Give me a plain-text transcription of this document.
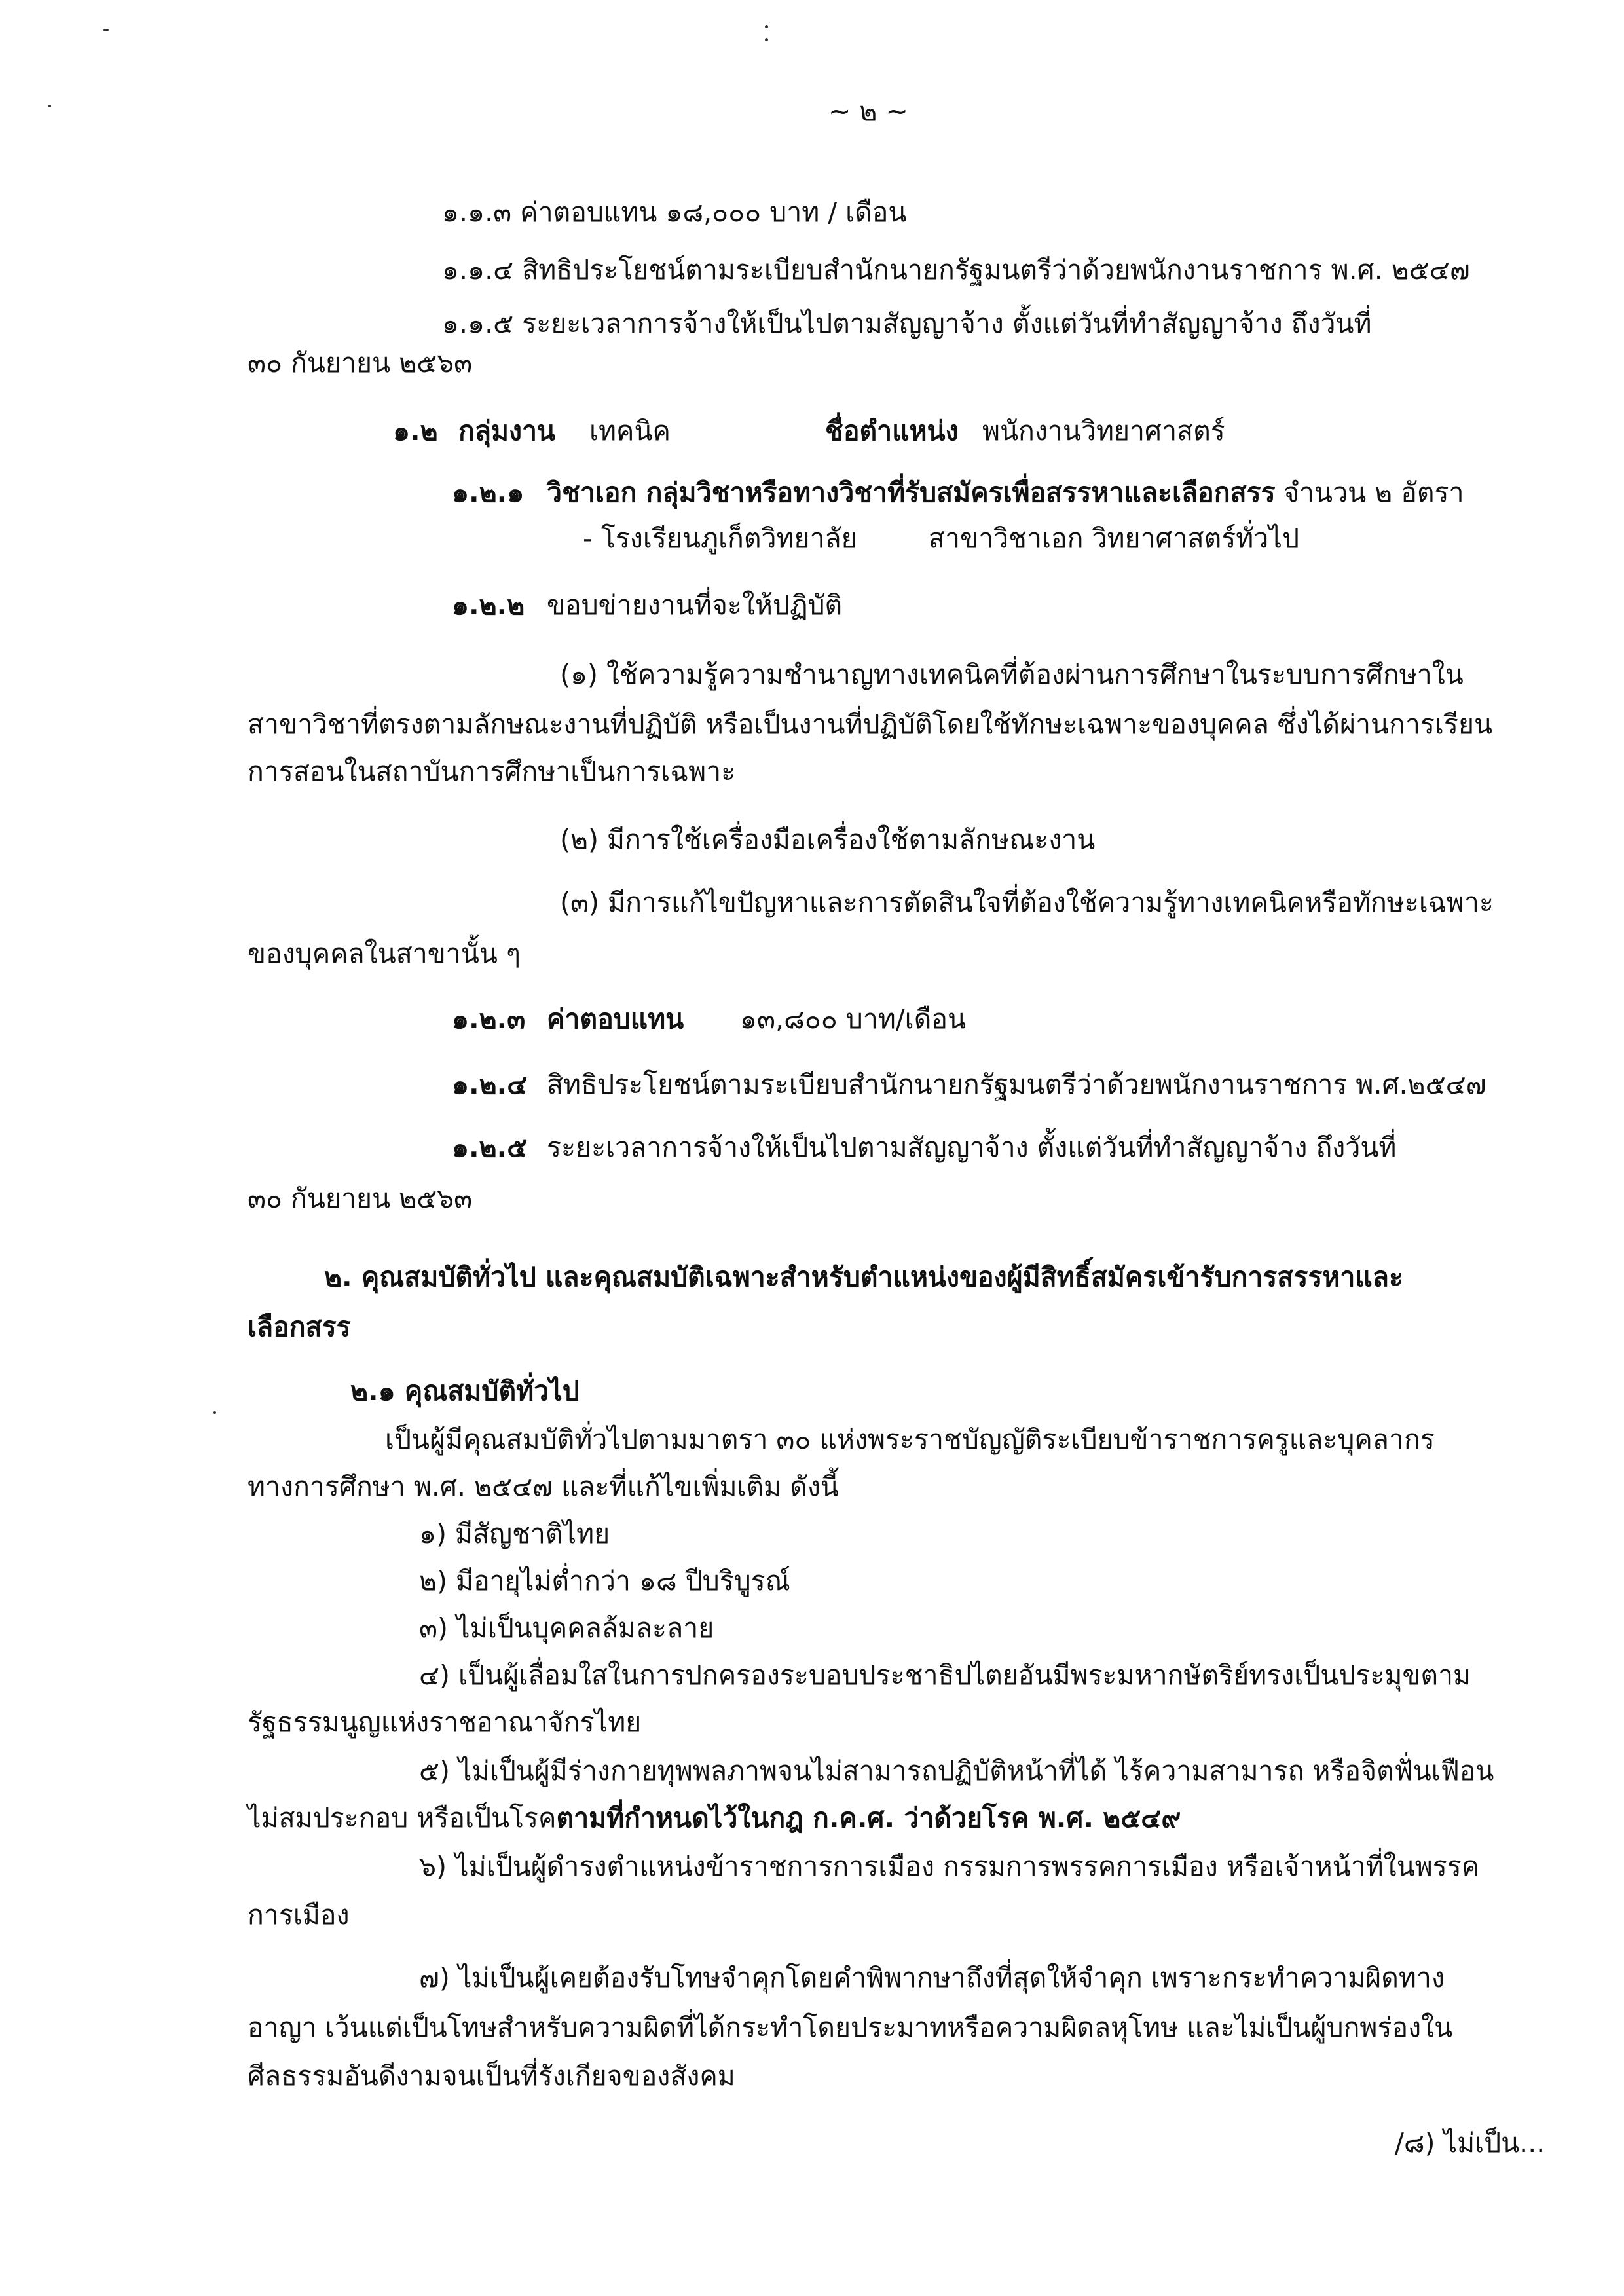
~ ๒ ~
๑.๑.๓ ค่าตอบแทน ๑๘,๐๐๐ บาท / เดือน
๑.๑.๔ สิทธิประโยชน์ตามระเบียบสำนักนายกรัฐมนตรีว่าด้วยพนักงานราชการ พ.ศ. ๒๕๔๗
๑.๑.๕ ระยะเวลาการจ้างให้เป็นไปตามสัญญาจ้าง ตั้งแต่วันที่ทำสัญญาจ้าง ถึงวันที่
๓๐ กันยายน ๒๕๖๓
๑.๒ กลุ่มงาน เทคนิค	ชื่อตำแหน่ง พนักงานวิทยาศาสตร์
๑.๒.๑ วิชาเอก กลุ่มวิชาหรือทางวิชาที่รับสมัครเพื่อสรรหาและเลือกสรร จำนวน ๒ อัตรา
- โรงเรียนภูเก็ตวิทยาลัย	สาขาวิชาเอก วิทยาศาสตร์ทั่วไป
๑.๒.๒ ขอบข่ายงานที่จะให้ปฏิบัติ
(๑) ใช้ความรู้ความชำนาญทางเทคนิคที่ต้องผ่านการศึกษาในระบบการศึกษาใน
สาขาวิชาที่ตรงตามลักษณะงานที่ปฏิบัติ หรือเป็นงานที่ปฏิบัติโดยใช้ทักษะเฉพาะของบุคคล ซึ่งได้ผ่านการเรียน
การสอนในสถาบันการศึกษาเป็นการเฉพาะ
(๒) มีการใช้เครื่องมือเครื่องใช้ตามลักษณะงาน
(๓) มีการแก้ไขปัญหาและการตัดสินใจที่ต้องใช้ความรู้ทางเทคนิคหรือทักษะเฉพาะ
ของบุคคลในสาขานั้น ๆ
๑.๒.๓ ค่าตอบแทน ๑๓,๘๐๐ บาท/เดือน
๑.๒.๔ สิทธิประโยชน์ตามระเบียบสำนักนายกรัฐมนตรีว่าด้วยพนักงานราชการ พ.ศ.๒๕๔๗
๑.๒.๕ ระยะเวลาการจ้างให้เป็นไปตามสัญญาจ้าง ตั้งแต่วันที่ทำสัญญาจ้าง ถึงวันที่
๓๐ กันยายน ๒๕๖๓
๒. คุณสมบัติทั่วไป และคุณสมบัติเฉพาะสำหรับตำแหน่งของผู้มีสิทธิ์สมัครเข้ารับการสรรหาและ
เลือกสรร
๒.๑ คุณสมบัติทั่วไป
เป็นผู้มีคุณสมบัติทั่วไปตามมาตรา ๓๐ แห่งพระราชบัญญัติระเบียบข้าราชการครูและบุคลากร
ทางการศึกษา พ.ศ. ๒๕๔๗ และที่แก้ไขเพิ่มเติม ดังนี้
๑) มีสัญชาติไทย
๒) มีอายุไม่ต่ำกว่า ๑๘ ปีบริบูรณ์
๓) ไม่เป็นบุคคลล้มละลาย
๔) เป็นผู้เลื่อมใสในการปกครองระบอบประชาธิปไตยอันมีพระมหากษัตริย์ทรงเป็นประมุขตาม
รัฐธรรมนูญแห่งราชอาณาจักรไทย
๕) ไม่เป็นผู้มีร่างกายทุพพลภาพจนไม่สามารถปฏิบัติหน้าที่ได้ ไร้ความสามารถ หรือจิตฟั่นเฟือน
ไม่สมประกอบ หรือเป็นโรคตามที่กำหนดไว้ในกฎ ก.ค.ศ. ว่าด้วยโรค พ.ศ. ๒๕๔๙
๖) ไม่เป็นผู้ดำรงตำแหน่งข้าราชการการเมือง กรรมการพรรคการเมือง หรือเจ้าหน้าที่ในพรรค
การเมือง
๗) ไม่เป็นผู้เคยต้องรับโทษจำคุกโดยคำพิพากษาถึงที่สุดให้จำคุก เพราะกระทำความผิดทาง
อาญา เว้นแต่เป็นโทษสำหรับความผิดที่ได้กระทำโดยประมาทหรือความผิดลหุโทษ และไม่เป็นผู้บกพร่องใน
ศีลธรรมอันดีงามจนเป็นที่รังเกียจของสังคม
/๘) ไม่เป็น...
